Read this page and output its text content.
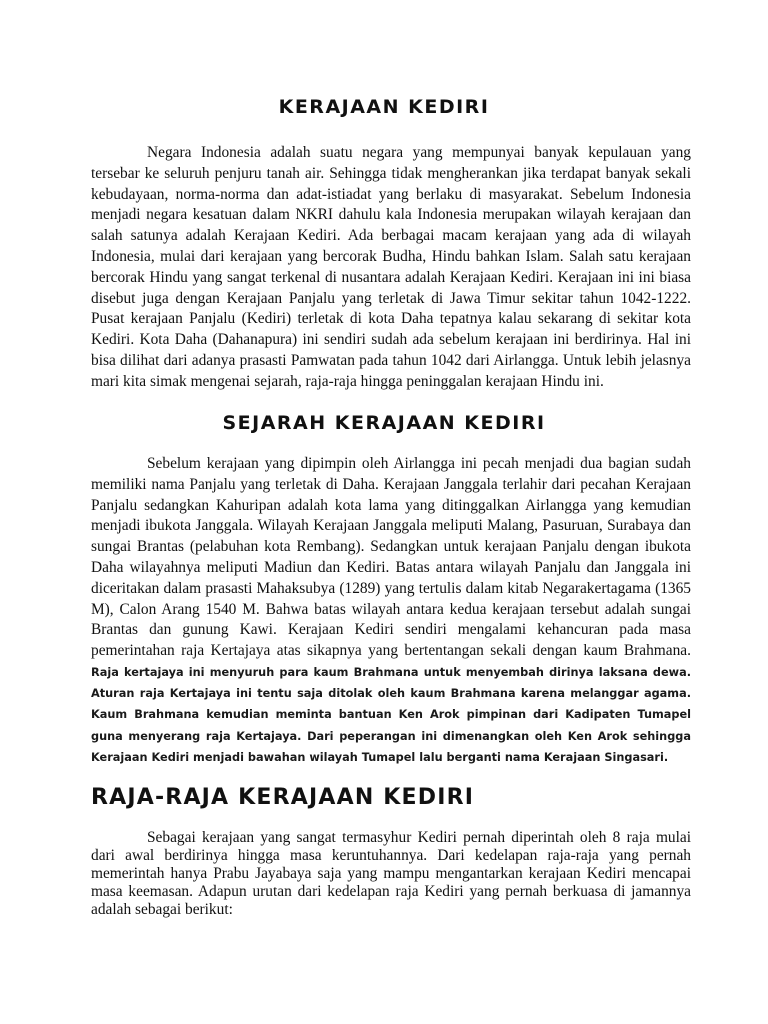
KERAJAAN KEDIRI

Negara Indonesia adalah suatu negara yang mempunyai banyak kepulauan yang tersebar ke seluruh penjuru tanah air. Sehingga tidak mengherankan jika terdapat banyak sekali kebudayaan, norma-norma dan adat-istiadat yang berlaku di masyarakat. Sebelum Indonesia menjadi negara kesatuan dalam NKRI dahulu kala Indonesia merupakan wilayah kerajaan dan salah satunya adalah Kerajaan Kediri. Ada berbagai macam kerajaan yang ada di wilayah Indonesia, mulai dari kerajaan yang bercorak Budha, Hindu bahkan Islam. Salah satu kerajaan bercorak Hindu yang sangat terkenal di nusantara adalah Kerajaan Kediri. Kerajaan ini ini biasa disebut juga dengan Kerajaan Panjalu yang terletak di Jawa Timur sekitar tahun 1042-1222. Pusat kerajaan Panjalu (Kediri) terletak di kota Daha tepatnya kalau sekarang di sekitar kota Kediri. Kota Daha (Dahanapura) ini sendiri sudah ada sebelum kerajaan ini berdirinya. Hal ini bisa dilihat dari adanya prasasti Pamwatan pada tahun 1042 dari Airlangga. Untuk lebih jelasnya mari kita simak mengenai sejarah, raja-raja hingga peninggalan kerajaan Hindu ini.

SEJARAH KERAJAAN KEDIRI

Sebelum kerajaan yang dipimpin oleh Airlangga ini pecah menjadi dua bagian sudah memiliki nama Panjalu yang terletak di Daha. Kerajaan Janggala terlahir dari pecahan Kerajaan Panjalu sedangkan Kahuripan adalah kota lama yang ditinggalkan Airlangga yang kemudian menjadi ibukota Janggala. Wilayah Kerajaan Janggala meliputi Malang, Pasuruan, Surabaya dan sungai Brantas (pelabuhan kota Rembang). Sedangkan untuk kerajaan Panjalu dengan ibukota Daha wilayahnya meliputi Madiun dan Kediri. Batas antara wilayah Panjalu dan Janggala ini diceritakan dalam prasasti Mahaksubya (1289) yang tertulis dalam kitab Negarakertagama (1365 M), Calon Arang 1540 M. Bahwa batas wilayah antara kedua kerajaan tersebut adalah sungai Brantas dan gunung Kawi. Kerajaan Kediri sendiri mengalami kehancuran pada masa pemerintahan raja Kertajaya atas sikapnya yang bertentangan sekali dengan kaum Brahmana. Raja kertajaya ini menyuruh para kaum Brahmana untuk menyembah dirinya laksana dewa. Aturan raja Kertajaya ini tentu saja ditolak oleh kaum Brahmana karena melanggar agama. Kaum Brahmana kemudian meminta bantuan Ken Arok pimpinan dari Kadipaten Tumapel guna menyerang raja Kertajaya. Dari peperangan ini dimenangkan oleh Ken Arok sehingga Kerajaan Kediri menjadi bawahan wilayah Tumapel lalu berganti nama Kerajaan Singasari.

RAJA-RAJA KERAJAAN KEDIRI

Sebagai kerajaan yang sangat termasyhur Kediri pernah diperintah oleh 8 raja mulai dari awal berdirinya hingga masa keruntuhannya. Dari kedelapan raja-raja yang pernah memerintah hanya Prabu Jayabaya saja yang mampu mengantarkan kerajaan Kediri mencapai masa keemasan. Adapun urutan dari kedelapan raja Kediri yang pernah berkuasa di jamannya adalah sebagai berikut:
